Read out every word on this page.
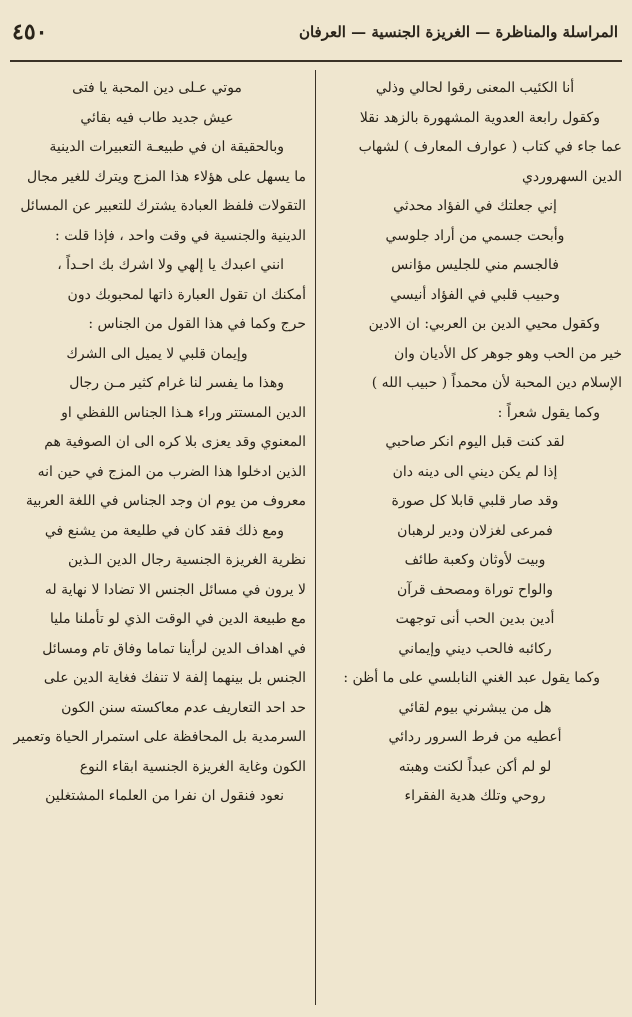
٤٥٠	المراسلة والمناظرة — الغريزة الجنسية — العرفان
أنا الكئيب المعنى رقوا لحالي وذلي
وكقول رابعة العدوية المشهورة بالزهد نقلا
عما جاء في كتاب ( عوارف المعارف ) لشهاب
الدين السهروردي
إني جعلتك في الفؤاد محدثي
وأبحت جسمي من أراد جلوسي
فالجسم مني للجليس مؤانس
وحبيب قلبي في الفؤاد أنيسي
وكقول محيي الدين بن العربي: ان الادين
خير من الحب وهو جوهر كل الأديان وان
الإسلام دين المحبة لأن محمداً ( حبيب الله )
وكما يقول شعراً :
لقد كنت قبل اليوم انكر صاحبي
إذا لم يكن ديني الى دينه دان
وقد صار قلبي قابلا كل صورة
فمرعى لغزلان ودير لرهبان
وبيت لأوثان وكعبة طائف
والواح توراة ومصحف قرآن
أدين بدين الحب أنى توجهت
ركائبه فالحب ديني وإيماني
وكما يقول عبد الغني النابلسي على ما أظن :
هل من يبشرني بيوم لقائي
أعطيه من فرط السرور ردائي
لو لم أكن عبداً لكنت وهبته
روحي وتلك هدية الفقراء
موتي عـلى دين المحبة يا فتى
عيش جديد طاب فيه بقائي
وبالحقيقة ان في طبيعـة التعبيرات الدينية
ما يسهل على هؤلاء هذا المزج ويترك للغير مجال
التقولات فلفظ العبادة يشترك للتعبير عن المسائل
الدينية والجنسية في وقت واحد ، فإذا قلت :
انني اعبدك يا إلهي ولا اشرك بك احـداً ،
أمكنك ان تقول العبارة ذاتها لمحبوبك دون
حرج وكما في هذا القول من الجناس :
وإيمان قلبي لا يميل الى الشرك
وهذا ما يفسر لنا غرام كثير مـن رجال
الدين المستتر وراء هـذا الجناس اللفظي او
المعنوي وقد يعزى بلا كره الى ان الصوفية هم
الذين ادخلوا هذا الضرب من المزج في حين انه
معروف من يوم ان وجد الجناس في اللغة العربية
ومع ذلك فقد كان في طليعة من يشنع في
نظرية الغريزة الجنسية رجال الدين الـذين
لا يرون في مسائل الجنس الا تضادا لا نهاية له
مع طبيعة الدين في الوقت الذي لو تأملنا مليا
في اهداف الدين لرأينا تماما وفاق تام ومسائل
الجنس بل بينهما إلفة لا تنفك فغاية الدين على
حد احد التعاريف عدم معاكسته سنن الكون
السرمدية بل المحافظة على استمرار الحياة وتعمير
الكون وغاية الغريزة الجنسية ابقاء النوع
نعود فنقول ان نفرا من العلماء المشتغلين
